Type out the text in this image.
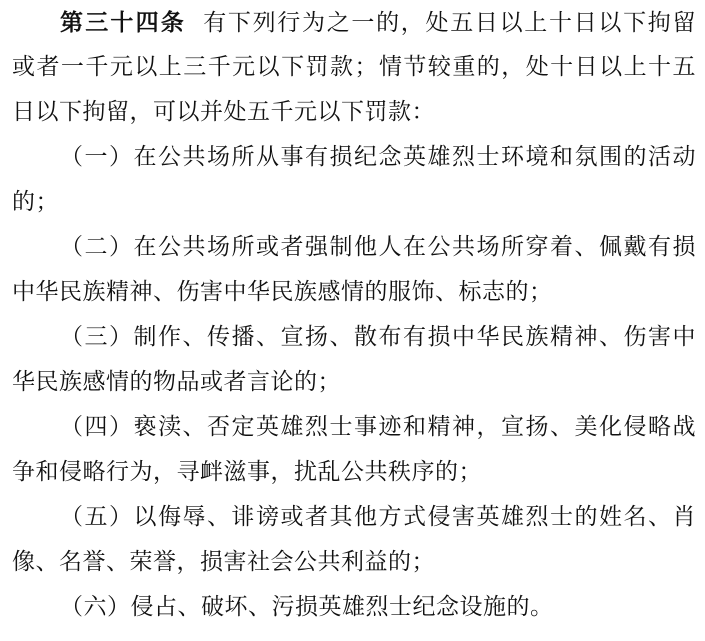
第三十四条 有下列行为之一的，处五日以上十日以下拘留
或者一千元以上三千元以下罚款；情节较重的，处十日以上十五
日以下拘留，可以并处五千元以下罚款：
（一）在公共场所从事有损纪念英雄烈士环境和氛围的活动
的；
（二）在公共场所或者强制他人在公共场所穿着、佩戴有损
中华民族精神、伤害中华民族感情的服饰、标志的；
（三）制作、传播、宣扬、散布有损中华民族精神、伤害中
华民族感情的物品或者言论的；
（四）亵渎、否定英雄烈士事迹和精神，宣扬、美化侵略战
争和侵略行为，寻衅滋事，扰乱公共秩序的；
（五）以侮辱、诽谤或者其他方式侵害英雄烈士的姓名、肖
像、名誉、荣誉，损害社会公共利益的；
（六）侵占、破坏、污损英雄烈士纪念设施的。
